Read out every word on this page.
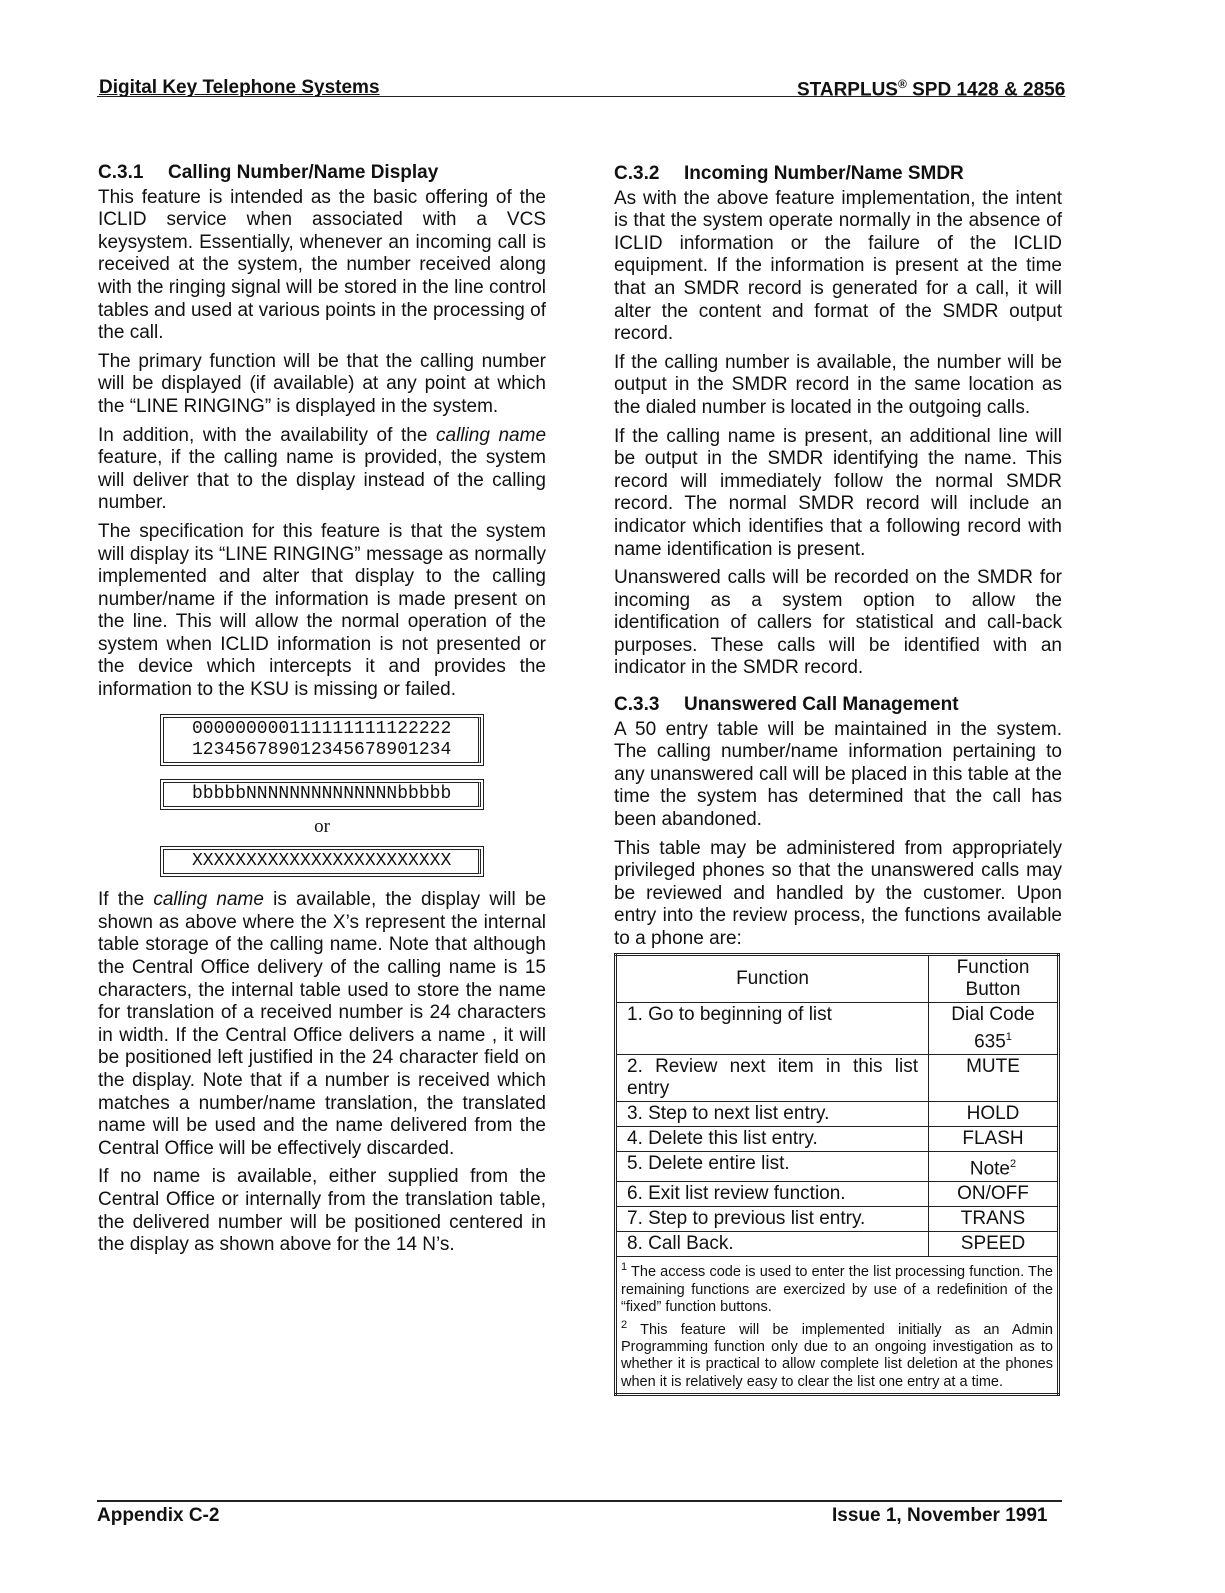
Digital Key Telephone Systems	STARPLUS® SPD 1428 & 2856
C.3.1 Calling Number/Name Display

This feature is intended as the basic offering of the ICLID service when associated with a VCS keysystem. Essentially, whenever an incoming call is received at the system, the number received along with the ringing signal will be stored in the line control tables and used at various points in the processing of the call.

The primary function will be that the calling number will be displayed (if available) at any point at which the “LINE RINGING” is displayed in the system.

In addition, with the availability of the calling name feature, if the calling name is provided, the system will deliver that to the display instead of the calling number.

The specification for this feature is that the system will display its “LINE RINGING” message as normally implemented and alter that display to the calling number/name if the information is made present on the line. This will allow the normal operation of the system when ICLID information is not presented or the device which intercepts it and provides the information to the KSU is missing or failed.

000000000111111111122222
123456789012345678901234
bbbbbNNNNNNNNNNNNNNbbbbb
or
XXXXXXXXXXXXXXXXXXXXXXXX

If the calling name is available, the display will be shown as above where the X’s represent the internal table storage of the calling name. Note that although the Central Office delivery of the calling name is 15 characters, the internal table used to store the name for translation of a received number is 24 characters in width. If the Central Office delivers a name , it will be positioned left justified in the 24 character field on the display. Note that if a number is received which matches a number/name translation, the translated name will be used and the name delivered from the Central Office will be effectively discarded.

If no name is available, either supplied from the Central Office or internally from the translation table, the delivered number will be positioned centered in the display as shown above for the 14 N’s.

C.3.2 Incoming Number/Name SMDR

As with the above feature implementation, the intent is that the system operate normally in the absence of ICLID information or the failure of the ICLID equipment. If the information is present at the time that an SMDR record is generated for a call, it will alter the content and format of the SMDR output record.

If the calling number is available, the number will be output in the SMDR record in the same location as the dialed number is located in the outgoing calls.

If the calling name is present, an additional line will be output in the SMDR identifying the name. This record will immediately follow the normal SMDR record. The normal SMDR record will include an indicator which identifies that a following record with name identification is present.

Unanswered calls will be recorded on the SMDR for incoming as a system option to allow the identification of callers for statistical and call-back purposes. These calls will be identified with an indicator in the SMDR record.

C.3.3 Unanswered Call Management

A 50 entry table will be maintained in the system. The calling number/name information pertaining to any unanswered call will be placed in this table at the time the system has determined that the call has been abandoned.

This table may be administered from appropriately privileged phones so that the unanswered calls may be reviewed and handled by the customer. Upon entry into the review process, the functions available to a phone are:

Function	Function Button
1. Go to beginning of list	Dial Code $635^1$
2. Review next item in this list entry	MUTE
3. Step to next list entry.	HOLD
4. Delete this list entry.	FLASH
5. Delete entire list.	Note$^2$
6. Exit list review function.	ON/OFF
7. Step to previous list entry.	TRANS
8. Call Back.	SPEED

$^1$ The access code is used to enter the list processing function. The remaining functions are exercized by use of a redefinition of the “fixed” function buttons.

$^2$ This feature will be implemented initially as an Admin Programming function only due to an ongoing investigation as to whether it is practical to allow complete list deletion at the phones when it is relatively easy to clear the list one entry at a time.	

Appendix C-2	Issue 1, November 1991
